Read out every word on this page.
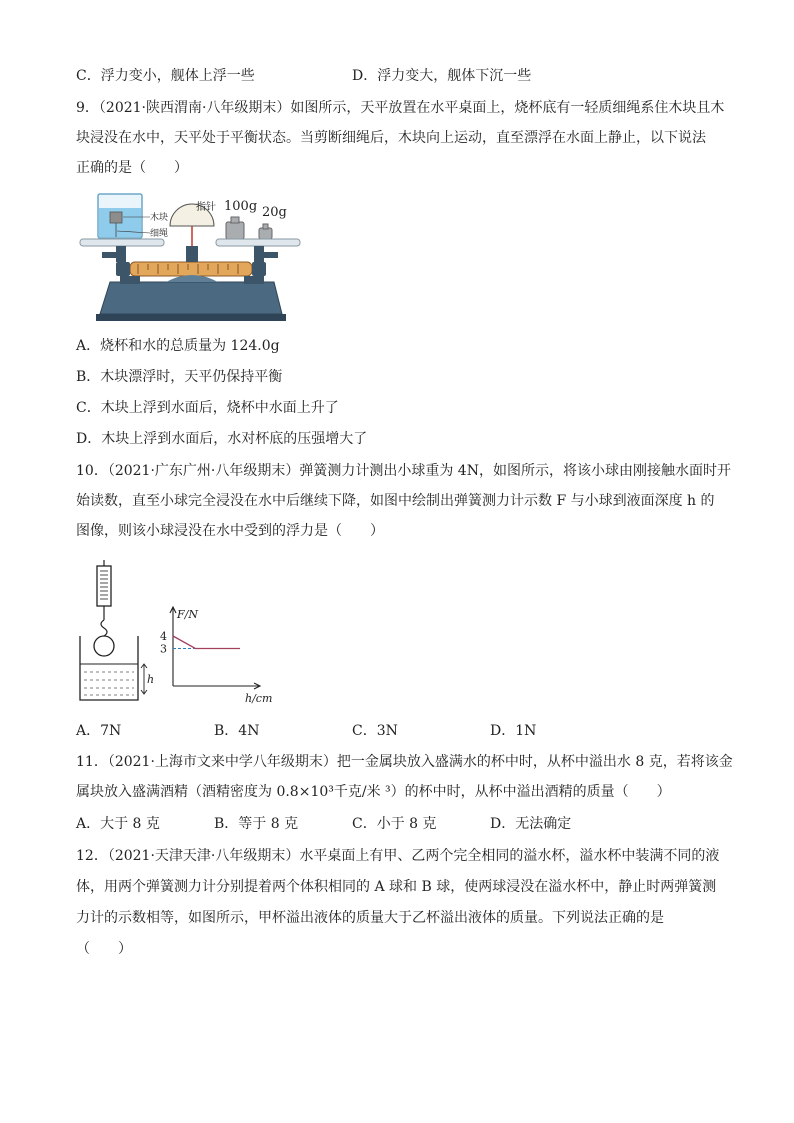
C．浮力变小，舰体上浮一些	D．浮力变大，舰体下沉一些
9．（2021·陕西渭南·八年级期末）如图所示，天平放置在水平桌面上，烧杯底有一轻质细绳系住木块且木
块浸没在水中，天平处于平衡状态。当剪断细绳后，木块向上运动，直至漂浮在水面上静止，以下说法
正确的是（　　）
木块
细绳
指针 100g 20g
A．烧杯和水的总质量为 124.0g
B．木块漂浮时，天平仍保持平衡
C．木块上浮到水面后，烧杯中水面上升了
D．木块上浮到水面后，水对杯底的压强增大了
10．（2021·广东广州·八年级期末）弹簧测力计测出小球重为 4N，如图所示，将该小球由刚接触水面时开
始读数，直至小球完全浸没在水中后继续下降，如图中绘制出弹簧测力计示数 F 与小球到液面深度 h 的
图像，则该小球浸没在水中受到的浮力是（　　）
h
F/N
h/cm
4
3
A．7N	B．4N	C．3N	D．1N
11．（2021·上海市文来中学八年级期末）把一金属块放入盛满水的杯中时，从杯中溢出水 8 克，若将该金
属块放入盛满酒精（酒精密度为 0.8×10³千克/米 ³）的杯中时，从杯中溢出酒精的质量（　　）
A．大于 8 克	B．等于 8 克	C．小于 8 克	D．无法确定
12．（2021·天津天津·八年级期末）水平桌面上有甲、乙两个完全相同的溢水杯，溢水杯中装满不同的液
体，用两个弹簧测力计分别提着两个体积相同的 A 球和 B 球，使两球浸没在溢水杯中，静止时两弹簧测
力计的示数相等，如图所示，甲杯溢出液体的质量大于乙杯溢出液体的质量。下列说法正确的是
（　　）
